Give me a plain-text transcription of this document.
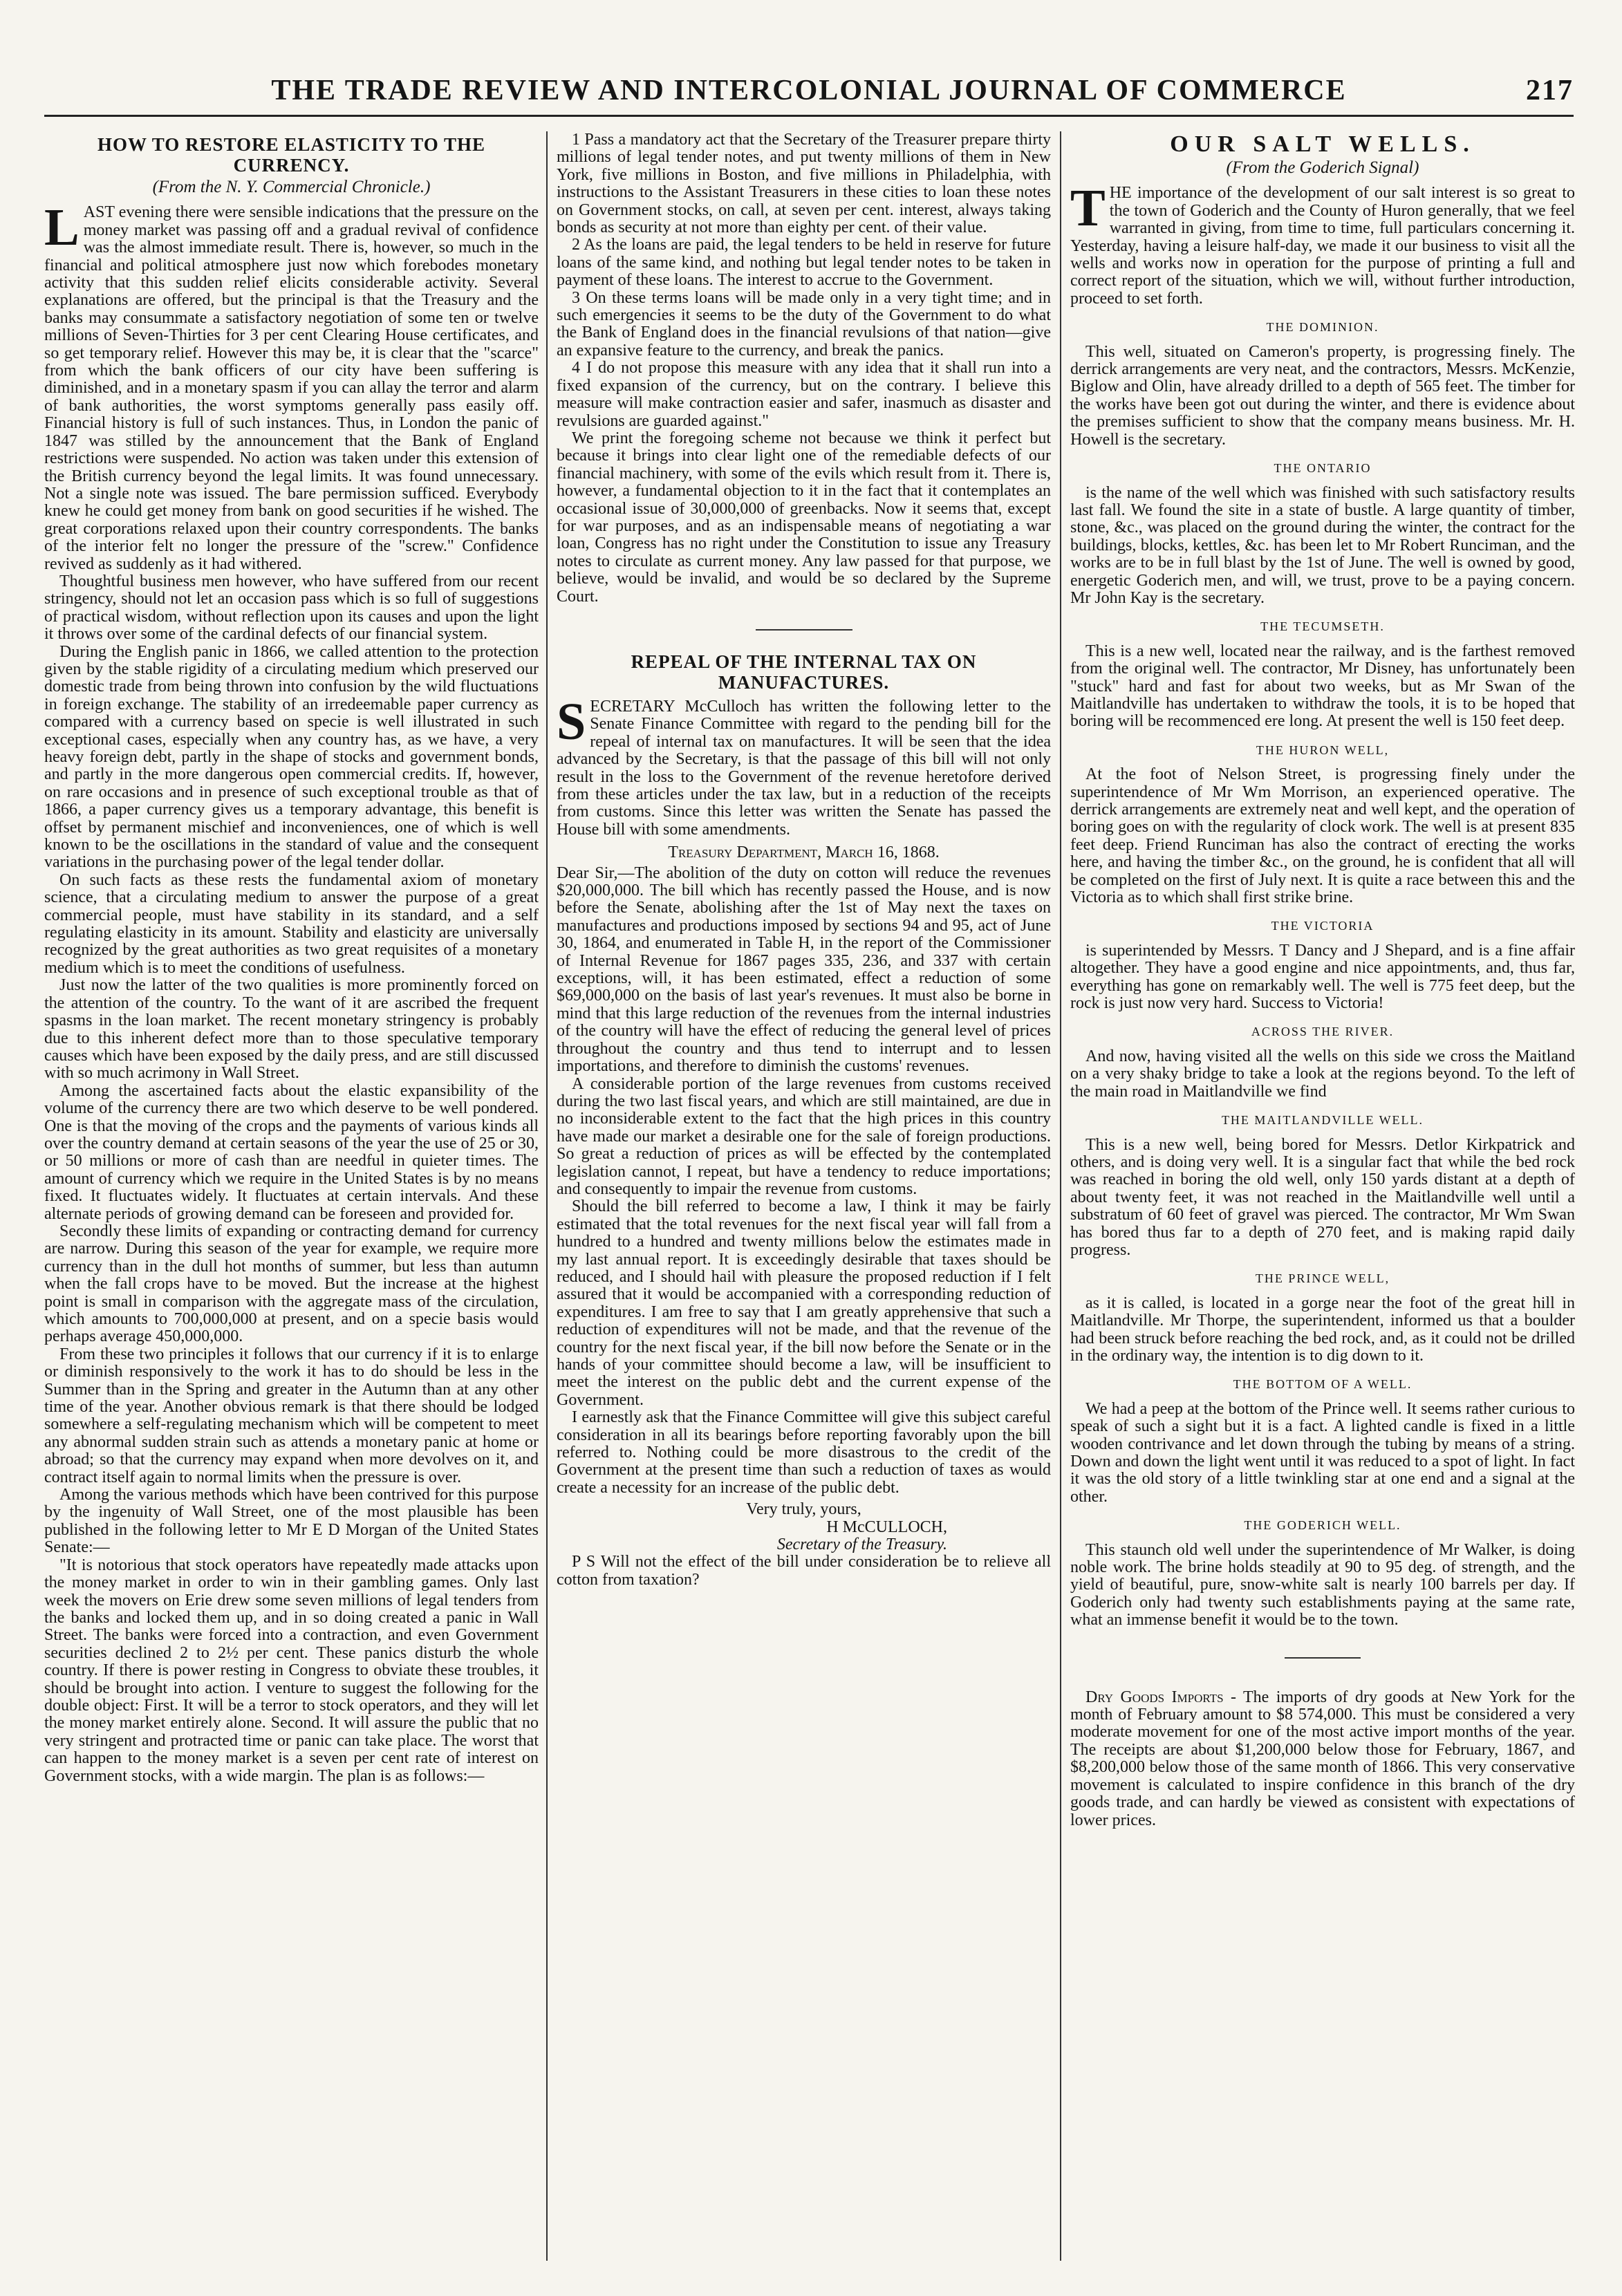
THE TRADE REVIEW AND INTERCOLONIAL JOURNAL OF COMMERCE	217
HOW TO RESTORE ELASTICITY TO THE CURRENCY.
(From the N. Y. Commercial Chronicle.)

LAST evening there were sensible indications that the pressure on the money market was passing off and a gradual revival of confidence was the almost immediate result. There is, however, so much in the financial and political atmosphere just now which forebodes monetary activity that this sudden relief elicits considerable activity. Several explanations are offered, but the principal is that the Treasury and the banks may consummate a satisfactory negotiation of some ten or twelve millions of Seven-Thirties for 3 per cent Clearing House certificates, and so get temporary relief. However this may be, it is clear that the "scarce" from which the bank officers of our city have been suffering is diminished, and in a monetary spasm if you can allay the terror and alarm of bank authorities, the worst symptoms generally pass easily off. Financial history is full of such instances. Thus, in London the panic of 1847 was stilled by the announcement that the Bank of England restrictions were suspended. No action was taken under this extension of the British currency beyond the legal limits. It was found unnecessary. Not a single note was issued. The bare permission sufficed. Everybody knew he could get money from bank on good securities if he wished. The great corporations relaxed upon their country correspondents. The banks of the interior felt no longer the pressure of the "screw." Confidence revived as suddenly as it had withered.

Thoughtful business men however, who have suffered from our recent stringency, should not let an occasion pass which is so full of suggestions of practical wisdom, without reflection upon its causes and upon the light it throws over some of the cardinal defects of our financial system.

During the English panic in 1866, we called attention to the protection given by the stable rigidity of a circulating medium which preserved our domestic trade from being thrown into confusion by the wild fluctuations in foreign exchange. The stability of an irredeemable paper currency as compared with a currency based on specie is well illustrated in such exceptional cases, especially when any country has, as we have, a very heavy foreign debt, partly in the shape of stocks and government bonds, and partly in the more dangerous open commercial credits. If, however, on rare occasions and in presence of such exceptional trouble as that of 1866, a paper currency gives us a temporary advantage, this benefit is offset by permanent mischief and inconveniences, one of which is well known to be the oscillations in the standard of value and the consequent variations in the purchasing power of the legal tender dollar.

On such facts as these rests the fundamental axiom of monetary science, that a circulating medium to answer the purpose of a great commercial people, must have stability in its standard, and a self regulating elasticity in its amount. Stability and elasticity are universally recognized by the great authorities as two great requisites of a monetary medium which is to meet the conditions of usefulness.

Just now the latter of the two qualities is more prominently forced on the attention of the country. To the want of it are ascribed the frequent spasms in the loan market. The recent monetary stringency is probably due to this inherent defect more than to those speculative temporary causes which have been exposed by the daily press, and are still discussed with so much acrimony in Wall Street.

Among the ascertained facts about the elastic expansibility of the volume of the currency there are two which deserve to be well pondered. One is that the moving of the crops and the payments of various kinds all over the country demand at certain seasons of the year the use of 25 or 30, or 50 millions or more of cash than are needful in quieter times. The amount of currency which we require in the United States is by no means fixed. It fluctuates widely. It fluctuates at certain intervals. And these alternate periods of growing demand can be foreseen and provided for.

Secondly these limits of expanding or contracting demand for currency are narrow. During this season of the year for example, we require more currency than in the dull hot months of summer, but less than autumn when the fall crops have to be moved. But the increase at the highest point is small in comparison with the aggregate mass of the circulation, which amounts to 700,000,000 at present, and on a specie basis would perhaps average 450,000,000.

From these two principles it follows that our currency if it is to enlarge or diminish responsively to the work it has to do should be less in the Summer than in the Spring and greater in the Autumn than at any other time of the year. Another obvious remark is that there should be lodged somewhere a self-regulating mechanism which will be competent to meet any abnormal sudden strain such as attends a monetary panic at home or abroad; so that the currency may expand when more devolves on it, and contract itself again to normal limits when the pressure is over.

Among the various methods which have been contrived for this purpose by the ingenuity of Wall Street, one of the most plausible has been published in the following letter to Mr E D Morgan of the United States Senate:—

"It is notorious that stock operators have repeatedly made attacks upon the money market in order to win in their gambling games. Only last week the movers on Erie drew some seven millions of legal tenders from the banks and locked them up, and in so doing created a panic in Wall Street. The banks were forced into a contraction, and even Government securities declined 2 to 2½ per cent. These panics disturb the whole country. If there is power resting in Congress to obviate these troubles, it should be brought into action. I venture to suggest the following for the double object: First. It will be a terror to stock operators, and they will let the money market entirely alone. Second. It will assure the public that no very stringent and protracted time or panic can take place. The worst that can happen to the money market is a seven per cent rate of interest on Government stocks, with a wide margin. The plan is as follows:—

1 Pass a mandatory act that the Secretary of the Treasurer prepare thirty millions of legal tender notes, and put twenty millions of them in New York, five millions in Boston, and five millions in Philadelphia, with instructions to the Assistant Treasurers in these cities to loan these notes on Government stocks, on call, at seven per cent. interest, always taking bonds as security at not more than eighty per cent. of their value.

2 As the loans are paid, the legal tenders to be held in reserve for future loans of the same kind, and nothing but legal tender notes to be taken in payment of these loans. The interest to accrue to the Government.

3 On these terms loans will be made only in a very tight time; and in such emergencies it seems to be the duty of the Government to do what the Bank of England does in the financial revulsions of that nation—give an expansive feature to the currency, and break the panics.

4 I do not propose this measure with any idea that it shall run into a fixed expansion of the currency, but on the contrary. I believe this measure will make contraction easier and safer, inasmuch as disaster and revulsions are guarded against."

We print the foregoing scheme not because we think it perfect but because it brings into clear light one of the remediable defects of our financial machinery, with some of the evils which result from it. There is, however, a fundamental objection to it in the fact that it contemplates an occasional issue of 30,000,000 of greenbacks. Now it seems that, except for war purposes, and as an indispensable means of negotiating a war loan, Congress has no right under the Constitution to issue any Treasury notes to circulate as current money. Any law passed for that purpose, we believe, would be invalid, and would be so declared by the Supreme Court.

REPEAL OF THE INTERNAL TAX ON MANUFACTURES.

SECRETARY McCulloch has written the following letter to the Senate Finance Committee with regard to the pending bill for the repeal of internal tax on manufactures. It will be seen that the idea advanced by the Secretary, is that the passage of this bill will not only result in the loss to the Government of the revenue heretofore derived from these articles under the tax law, but in a reduction of the receipts from customs. Since this letter was written the Senate has passed the House bill with some amendments.

Treasury Department, March 16, 1868.

Dear Sir,—The abolition of the duty on cotton will reduce the revenues $20,000,000. The bill which has recently passed the House, and is now before the Senate, abolishing after the 1st of May next the taxes on manufactures and productions imposed by sections 94 and 95, act of June 30, 1864, and enumerated in Table H, in the report of the Commissioner of Internal Revenue for 1867 pages 335, 236, and 337 with certain exceptions, will, it has been estimated, effect a reduction of some $69,000,000 on the basis of last year's revenues. It must also be borne in mind that this large reduction of the revenues from the internal industries of the country will have the effect of reducing the general level of prices throughout the country and thus tend to interrupt and to lessen importations, and therefore to diminish the customs' revenues.

A considerable portion of the large revenues from customs received during the two last fiscal years, and which are still maintained, are due in no inconsiderable extent to the fact that the high prices in this country have made our market a desirable one for the sale of foreign productions. So great a reduction of prices as will be effected by the contemplated legislation cannot, I repeat, but have a tendency to reduce importations; and consequently to impair the revenue from customs.

Should the bill referred to become a law, I think it may be fairly estimated that the total revenues for the next fiscal year will fall from a hundred to a hundred and twenty millions below the estimates made in my last annual report. It is exceedingly desirable that taxes should be reduced, and I should hail with pleasure the proposed reduction if I felt assured that it would be accompanied with a corresponding reduction of expenditures. I am free to say that I am greatly apprehensive that such a reduction of expenditures will not be made, and that the revenue of the country for the next fiscal year, if the bill now before the Senate or in the hands of your committee should become a law, will be insufficient to meet the interest on the public debt and the current expense of the Government.

I earnestly ask that the Finance Committee will give this subject careful consideration in all its bearings before reporting favorably upon the bill referred to. Nothing could be more disastrous to the credit of the Government at the present time than such a reduction of taxes as would create a necessity for an increase of the public debt.

Very truly, yours,

H McCULLOCH,

Secretary of the Treasury.

P S Will not the effect of the bill under consideration be to relieve all cotton from taxation?

OUR SALT WELLS.
(From the Goderich Signal)

THE importance of the development of our salt interest is so great to the town of Goderich and the County of Huron generally, that we feel warranted in giving, from time to time, full particulars concerning it. Yesterday, having a leisure half-day, we made it our business to visit all the wells and works now in operation for the purpose of printing a full and correct report of the situation, which we will, without further introduction, proceed to set forth.

THE DOMINION.

This well, situated on Cameron's property, is progressing finely. The derrick arrangements are very neat, and the contractors, Messrs. McKenzie, Biglow and Olin, have already drilled to a depth of 565 feet. The timber for the works have been got out during the winter, and there is evidence about the premises sufficient to show that the company means business. Mr. H. Howell is the secretary.

THE ONTARIO

is the name of the well which was finished with such satisfactory results last fall. We found the site in a state of bustle. A large quantity of timber, stone, &c., was placed on the ground during the winter, the contract for the buildings, blocks, kettles, &c. has been let to Mr Robert Runciman, and the works are to be in full blast by the 1st of June. The well is owned by good, energetic Goderich men, and will, we trust, prove to be a paying concern. Mr John Kay is the secretary.

THE TECUMSETH.

This is a new well, located near the railway, and is the farthest removed from the original well. The contractor, Mr Disney, has unfortunately been "stuck" hard and fast for about two weeks, but as Mr Swan of the Maitlandville has undertaken to withdraw the tools, it is to be hoped that boring will be recommenced ere long. At present the well is 150 feet deep.

THE HURON WELL,

At the foot of Nelson Street, is progressing finely under the superintendence of Mr Wm Morrison, an experienced operative. The derrick arrangements are extremely neat and well kept, and the operation of boring goes on with the regularity of clock work. The well is at present 835 feet deep. Friend Runciman has also the contract of erecting the works here, and having the timber &c., on the ground, he is confident that all will be completed on the first of July next. It is quite a race between this and the Victoria as to which shall first strike brine.

THE VICTORIA

is superintended by Messrs. T Dancy and J Shepard, and is a fine affair altogether. They have a good engine and nice appointments, and, thus far, everything has gone on remarkably well. The well is 775 feet deep, but the rock is just now very hard. Success to Victoria!

ACROSS THE RIVER.

And now, having visited all the wells on this side we cross the Maitland on a very shaky bridge to take a look at the regions beyond. To the left of the main road in Maitlandville we find

THE MAITLANDVILLE WELL.

This is a new well, being bored for Messrs. Detlor Kirkpatrick and others, and is doing very well. It is a singular fact that while the bed rock was reached in boring the old well, only 150 yards distant at a depth of about twenty feet, it was not reached in the Maitlandville well until a substratum of 60 feet of gravel was pierced. The contractor, Mr Wm Swan has bored thus far to a depth of 270 feet, and is making rapid daily progress.

THE PRINCE WELL,

as it is called, is located in a gorge near the foot of the great hill in Maitlandville. Mr Thorpe, the superintendent, informed us that a boulder had been struck before reaching the bed rock, and, as it could not be drilled in the ordinary way, the intention is to dig down to it.

THE BOTTOM OF A WELL.

We had a peep at the bottom of the Prince well. It seems rather curious to speak of such a sight but it is a fact. A lighted candle is fixed in a little wooden contrivance and let down through the tubing by means of a string. Down and down the light went until it was reduced to a spot of light. In fact it was the old story of a little twinkling star at one end and a signal at the other.

THE GODERICH WELL.

This staunch old well under the superintendence of Mr Walker, is doing noble work. The brine holds steadily at 90 to 95 deg. of strength, and the yield of beautiful, pure, snow-white salt is nearly 100 barrels per day. If Goderich only had twenty such establishments paying at the same rate, what an immense benefit it would be to the town.

Dry Goods Imports - The imports of dry goods at New York for the month of February amount to $8 574,000. This must be considered a very moderate movement for one of the most active import months of the year. The receipts are about $1,200,000 below those for February, 1867, and $8,200,000 below those of the same month of 1866. This very conservative movement is calculated to inspire confidence in this branch of the dry goods trade, and can hardly be viewed as consistent with expectations of lower prices.
